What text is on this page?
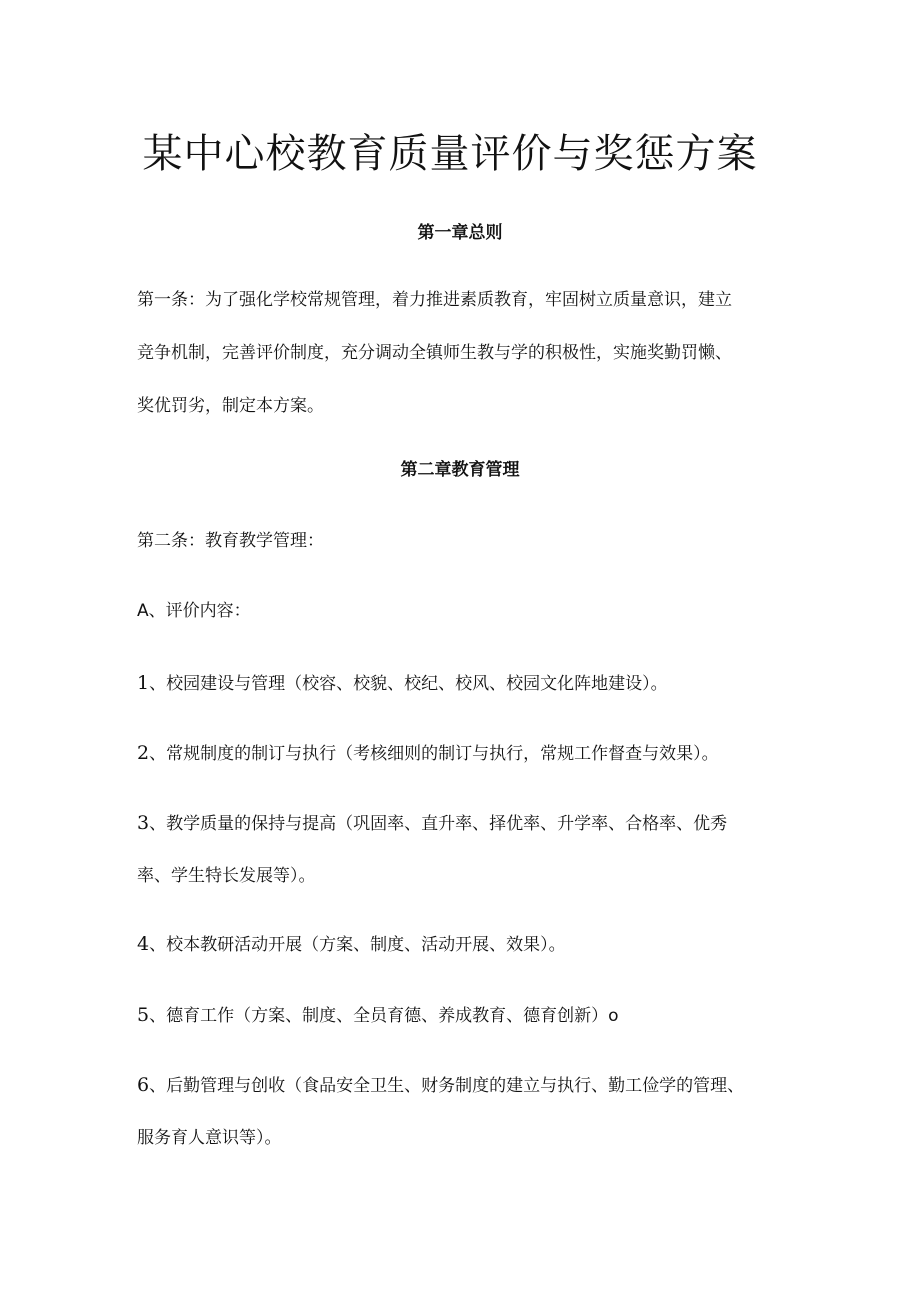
某中心校教育质量评价与奖惩方案
第一章总则
第一条：为了强化学校常规管理，着力推进素质教育，牢固树立质量意识，建立
竞争机制，完善评价制度，充分调动全镇师生教与学的积极性，实施奖勤罚懒、
奖优罚劣，制定本方案。
第二章教育管理
第二条：教育教学管理：
A、评价内容：
1、校园建设与管理（校容、校貌、校纪、校风、校园文化阵地建设）。
2、常规制度的制订与执行（考核细则的制订与执行，常规工作督查与效果）。
3、教学质量的保持与提高（巩固率、直升率、择优率、升学率、合格率、优秀
率、学生特长发展等）。
4、校本教研活动开展（方案、制度、活动开展、效果）。
5、德育工作（方案、制度、全员育德、养成教育、德育创新）o
6、后勤管理与创收（食品安全卫生、财务制度的建立与执行、勤工俭学的管理、
服务育人意识等）。
